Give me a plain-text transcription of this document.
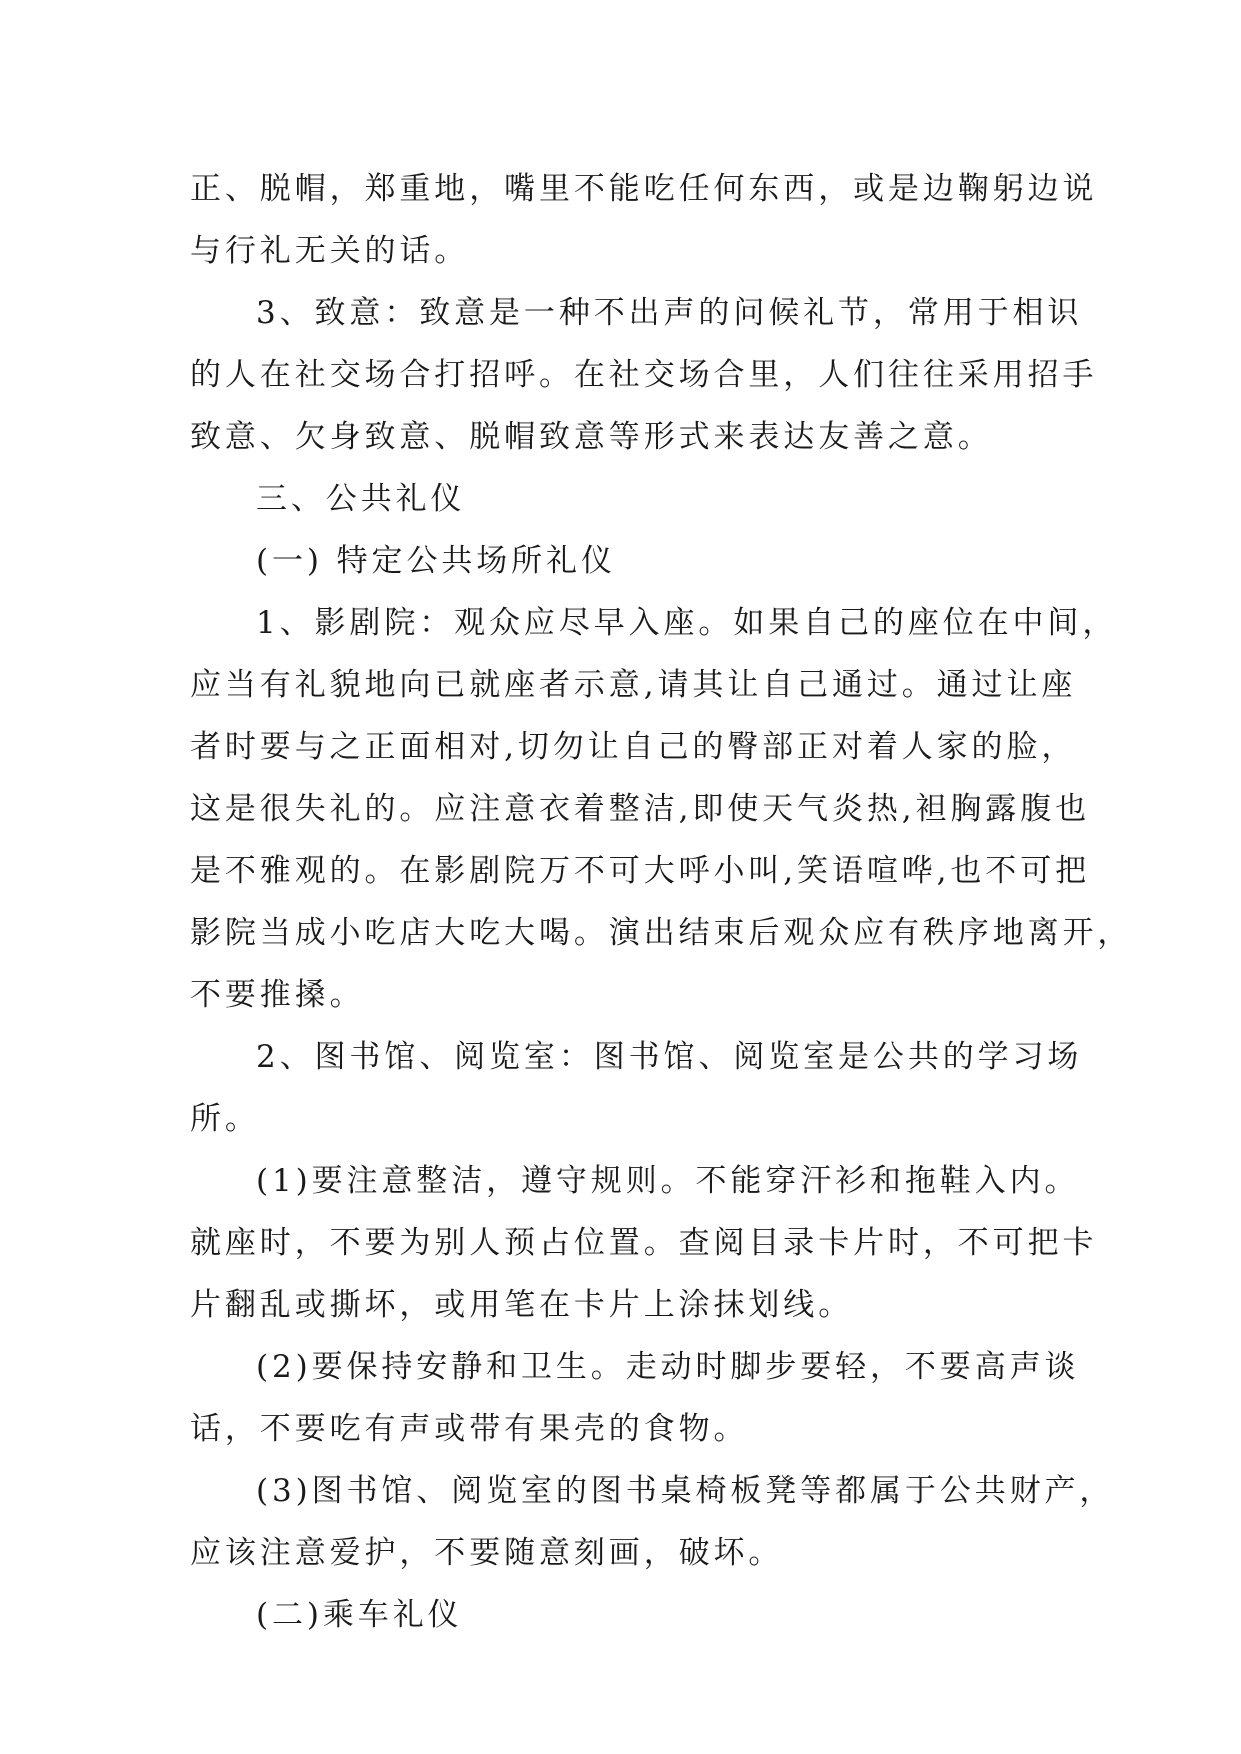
正、脱帽，郑重地，嘴里不能吃任何东西，或是边鞠躬边说
与行礼无关的话。
3、致意：致意是一种不出声的问候礼节，常用于相识
的人在社交场合打招呼。在社交场合里，人们往往采用招手
致意、欠身致意、脱帽致意等形式来表达友善之意。
三、公共礼仪
(一) 特定公共场所礼仪
1、影剧院：观众应尽早入座。如果自己的座位在中间，
应当有礼貌地向已就座者示意,请其让自己通过。通过让座
者时要与之正面相对,切勿让自己的臀部正对着人家的脸，
这是很失礼的。应注意衣着整洁,即使天气炎热,袒胸露腹也
是不雅观的。在影剧院万不可大呼小叫,笑语喧哗,也不可把
影院当成小吃店大吃大喝。演出结束后观众应有秩序地离开，
不要推搡。
2、图书馆、阅览室：图书馆、阅览室是公共的学习场
所。
(1)要注意整洁，遵守规则。不能穿汗衫和拖鞋入内。
就座时，不要为别人预占位置。查阅目录卡片时，不可把卡
片翻乱或撕坏，或用笔在卡片上涂抹划线。
(2)要保持安静和卫生。走动时脚步要轻，不要高声谈
话，不要吃有声或带有果壳的食物。
(3)图书馆、阅览室的图书桌椅板凳等都属于公共财产，
应该注意爱护，不要随意刻画，破坏。
(二)乘车礼仪
